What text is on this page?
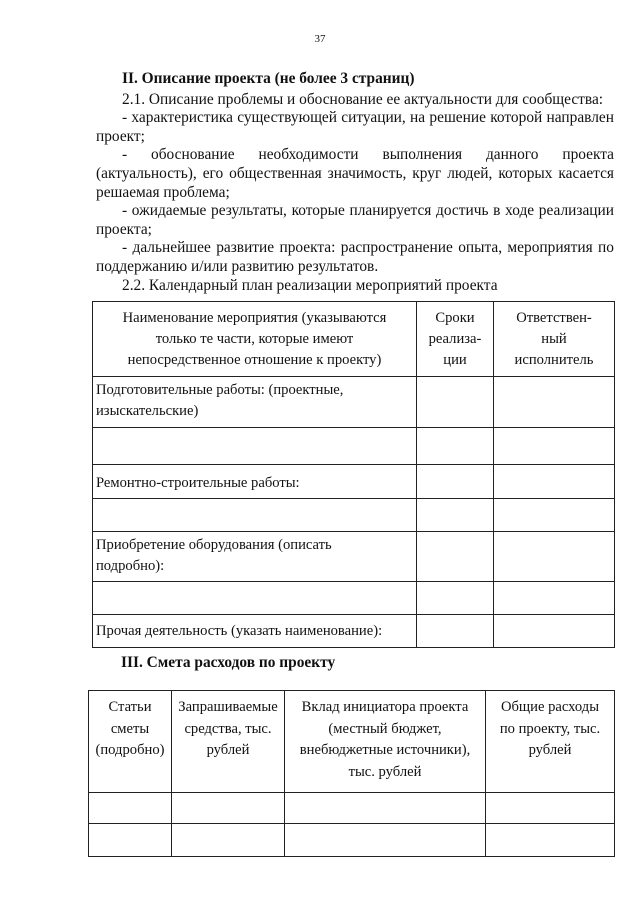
37

II. Описание проекта (не более 3 страниц)

2.1. Описание проблемы и обоснование ее актуальности для сообщества:

- характеристика существующей ситуации, на решение которой направлен проект;

- обоснование необходимости выполнения данного проекта (актуальность), его общественная значимость, круг людей, которых касается решаемая проблема;

- ожидаемые результаты, которые планируется достичь в ходе реализации проекта;

- дальнейшее развитие проекта: распространение опыта, мероприятия по поддержанию и/или развитию результатов.

2.2. Календарный план реализации мероприятий проекта

Наименование мероприятия (указываются только те части, которые имеют непосредственное отношение к проекту)	Сроки реализа-ции	Ответствен-ный исполнитель
Подготовительные работы: (проектные, изыскательские)		

Ремонтно-строительные работы:		

Приобретение оборудования (описать подробно):		

Прочая деятельность (указать наименование):		
III. Смета расходов по проекту
Статьи сметы (подробно)	Запрашиваемые средства, тыс. рублей	Вклад инициатора проекта (местный бюджет, внебюджетные источники), тыс. рублей	Общие расходы по проекту, тыс. рублей
